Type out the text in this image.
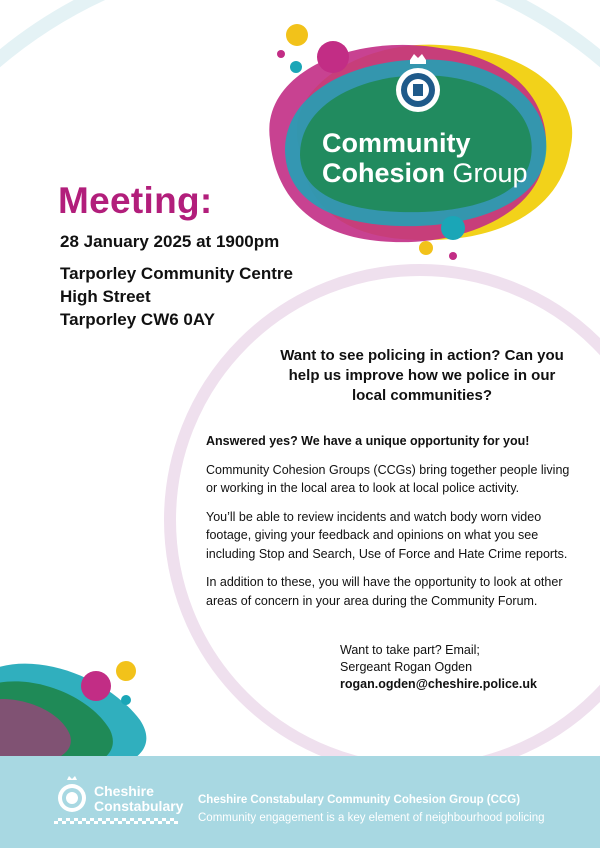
Community
Cohesion Group
Meeting:
28 January 2025 at 1900pm
Tarporley Community Centre
High Street
Tarporley CW6 0AY
Want to see policing in action? Can you help us improve how we police in our local communities?

Answered yes? We have a unique opportunity for you!

Community Cohesion Groups (CCGs) bring together people living or working in the local area to look at local police activity.

You’ll be able to review incidents and watch body worn video footage, giving your feedback and opinions on what you see including Stop and Search, Use of Force and Hate Crime reports.

In addition to these, you will have the opportunity to look at other areas of concern in your area during the Community Forum.

Want to take part? Email;
Sergeant Rogan Ogden
rogan.ogden@cheshire.police.uk
Cheshire
Constabulary Cheshire Constabulary Community Cohesion Group (CCG)
Community engagement is a key element of neighbourhood policing
